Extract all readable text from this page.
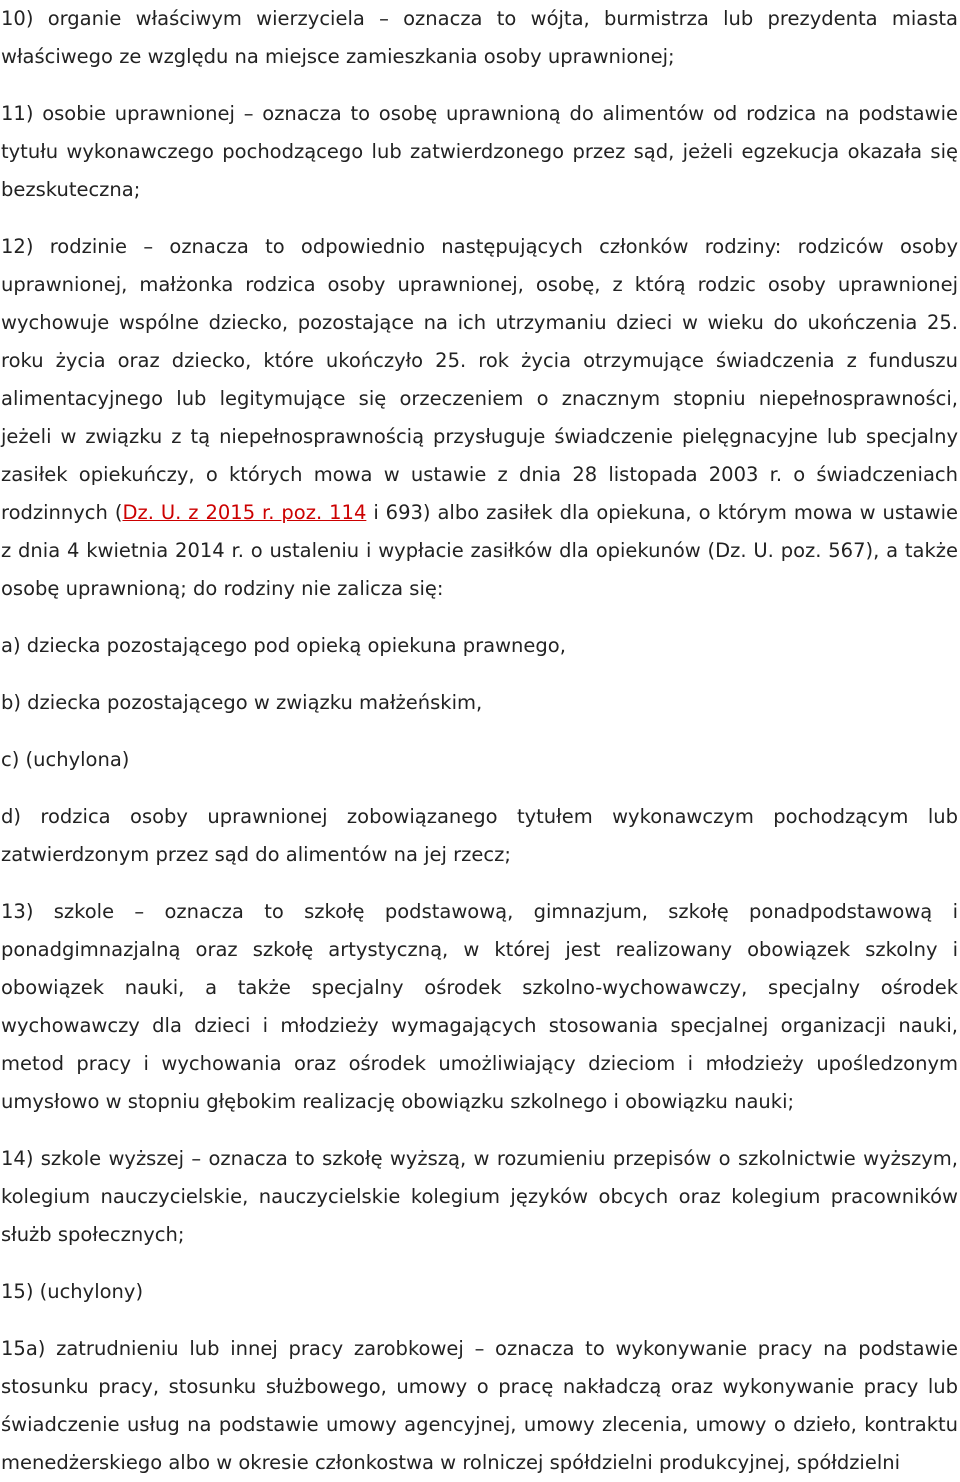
10) organie właściwym wierzyciela – oznacza to wójta, burmistrza lub prezydenta miasta właściwego ze względu na miejsce zamieszkania osoby uprawnionej;

11) osobie uprawnionej – oznacza to osobę uprawnioną do alimentów od rodzica na podstawie tytułu wykonawczego pochodzącego lub zatwierdzonego przez sąd, jeżeli egzekucja okazała się bezskuteczna;

12) rodzinie – oznacza to odpowiednio następujących członków rodziny: rodziców osoby uprawnionej, małżonka rodzica osoby uprawnionej, osobę, z którą rodzic osoby uprawnionej wychowuje wspólne dziecko, pozostające na ich utrzymaniu dzieci w wieku do ukończenia 25. roku życia oraz dziecko, które ukończyło 25. rok życia otrzymujące świadczenia z funduszu alimentacyjnego lub legitymujące się orzeczeniem o znacznym stopniu niepełnosprawności, jeżeli w związku z tą niepełnosprawnością przysługuje świadczenie pielęgnacyjne lub specjalny zasiłek opiekuńczy, o których mowa w ustawie z dnia 28 listopada 2003 r. o świadczeniach rodzinnych (Dz. U. z 2015 r. poz. 114 i 693) albo zasiłek dla opiekuna, o którym mowa w ustawie z dnia 4 kwietnia 2014 r. o ustaleniu i wypłacie zasiłków dla opiekunów (Dz. U. poz. 567), a także osobę uprawnioną; do rodziny nie zalicza się:

a) dziecka pozostającego pod opieką opiekuna prawnego,

b) dziecka pozostającego w związku małżeńskim,

c) (uchylona)

d) rodzica osoby uprawnionej zobowiązanego tytułem wykonawczym pochodzącym lub zatwierdzonym przez sąd do alimentów na jej rzecz;

13) szkole – oznacza to szkołę podstawową, gimnazjum, szkołę ponadpodstawową i ponadgimnazjalną oraz szkołę artystyczną, w której jest realizowany obowiązek szkolny i obowiązek nauki, a także specjalny ośrodek szkolno-wychowawczy, specjalny ośrodek wychowawczy dla dzieci i młodzieży wymagających stosowania specjalnej organizacji nauki, metod pracy i wychowania oraz ośrodek umożliwiający dzieciom i młodzieży upośledzonym umysłowo w stopniu głębokim realizację obowiązku szkolnego i obowiązku nauki;

14) szkole wyższej – oznacza to szkołę wyższą, w rozumieniu przepisów o szkolnictwie wyższym, kolegium nauczycielskie, nauczycielskie kolegium języków obcych oraz kolegium pracowników służb społecznych;

15) (uchylony)

15a) zatrudnieniu lub innej pracy zarobkowej – oznacza to wykonywanie pracy na podstawie stosunku pracy, stosunku służbowego, umowy o pracę nakładczą oraz wykonywanie pracy lub świadczenie usług na podstawie umowy agencyjnej, umowy zlecenia, umowy o dzieło, kontraktu menedżerskiego albo w okresie członkostwa w rolniczej spółdzielni produkcyjnej, spółdzielni
